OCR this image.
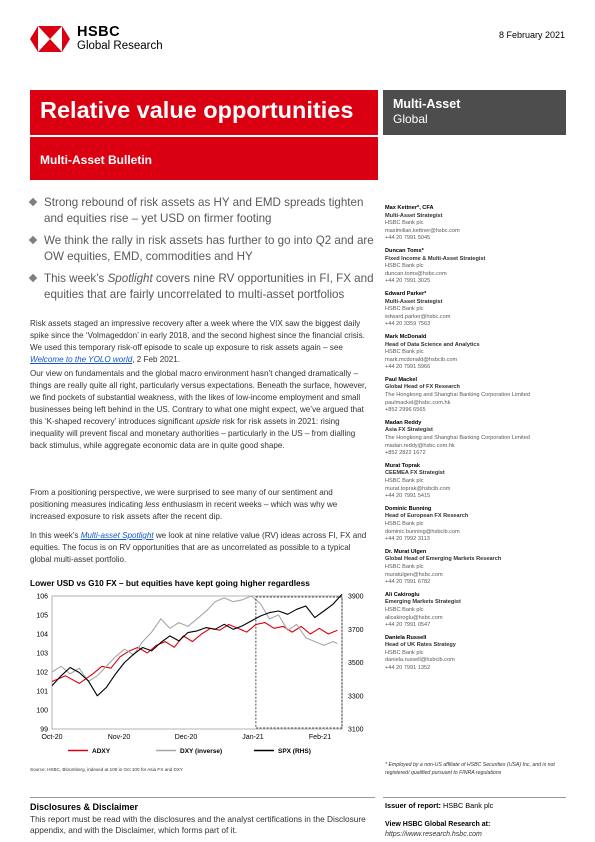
HSBC
Global Research
8 February 2021
Relative value opportunities
Multi-Asset Bulletin
Multi-Asset
Global
Strong rebound of risk assets as HY and EMD spreads tighten and equities rise – yet USD on firmer footing
We think the rally in risk assets has further to go into Q2 and are OW equities, EMD, commodities and HY
This week’s Spotlight covers nine RV opportunities in FI, FX and equities that are fairly uncorrelated to multi-asset portfolios

Risk assets staged an impressive recovery after a week where the VIX saw the biggest daily spike since the ‘Volmageddon’ in early 2018, and the second highest since the financial crisis. We used this temporary risk-off episode to scale up exposure to risk assets again – see Welcome to the YOLO world, 2 Feb 2021.

Our view on fundamentals and the global macro environment hasn’t changed dramatically – things are really quite all right, particularly versus expectations. Beneath the surface, however, we find pockets of substantial weakness, with the likes of low-income employment and small businesses being left behind in the US. Contrary to what one might expect, we’ve argued that this ‘K-shaped recovery’ introduces significant upside risk for risk assets in 2021: rising inequality will prevent fiscal and monetary authorities – particularly in the US – from dialling back stimulus, while aggregate economic data are in quite good shape.

From a positioning perspective, we were surprised to see many of our sentiment and positioning measures indicating less enthusiasm in recent weeks – which was why we increased exposure to risk assets after the recent dip.

In this week’s Multi-asset Spotlight we look at nine relative value (RV) ideas across FI, FX and equities. The focus is on RV opportunities that are as uncorrelated as possible to a typical global multi-asset portfolio.

Lower USD vs G10 FX – but equities have kept going higher regardless
99
100
101
102
103
104
105
106
3100
3300
3500
3700
3900
Oct-20	Nov-20	Dec-20	Jan-21	Feb-21
ADXY	DXY (inverse)	SPX (RHS)
Source: HSBC, Bloomberg, indexed at 100 in Oct 100 for Asia FX and DXY
Max Kettner*, CFA
Multi-Asset Strategist
HSBC Bank plc
maximilian.kettner@hsbc.com
+44 20 7991 5045
Duncan Toms*
Fixed Income & Multi-Asset Strategist
HSBC Bank plc
duncan.toms@hsbc.com
+44 20 7991 3025
Edward Parker*
Multi-Asset Strategist
HSBC Bank plc
edward.parker@hsbc.com
+44 20 3359 7563
Mark McDonald
Head of Data Science and Analytics
HSBC Bank plc
mark.mcdonald@hsbcib.com
+44 20 7991 5966
Paul Mackel
Global Head of FX Research
The Hongkong and Shanghai Banking Corporation Limited
paulmackel@hsbc.com.hk
+852 2996 6565
Madan Reddy
Asia FX Strategist
The Hongkong and Shanghai Banking Corporation Limited
madan.reddy@hsbc.com.hk
+852 2822 1672
Murat Toprak
CEEMEA FX Strategist
HSBC Bank plc
murat.toprak@hsbcib.com
+44 20 7991 5415
Dominic Bunning
Head of European FX Research
HSBC Bank plc
dominic.bunning@hsbcib.com
+44 20 7992 3113
Dr. Murat Ulgen
Global Head of Emerging Markets Research
HSBC Bank plc
muratulgen@hsbc.com
+44 20 7991 6782
Ali Cakiroglu
Emerging Markets Strategist
HSBC Bank plc
alicakiroglu@hsbc.com
+44 20 7991 0547
Daniela Russell
Head of UK Rates Strategy
HSBC Bank plc
daniela.russell@hsbcib.com
+44 20 7991 1352
* Employed by a non-US affiliate of HSBC Securities (USA) Inc, and is not registered/ qualified pursuant to FINRA regulations
Disclosures & Disclaimer
This report must be read with the disclosures and the analyst certifications in the Disclosure appendix, and with the Disclaimer, which forms part of it.
Issuer of report: HSBC Bank plc
View HSBC Global Research at:
https://www.research.hsbc.com
